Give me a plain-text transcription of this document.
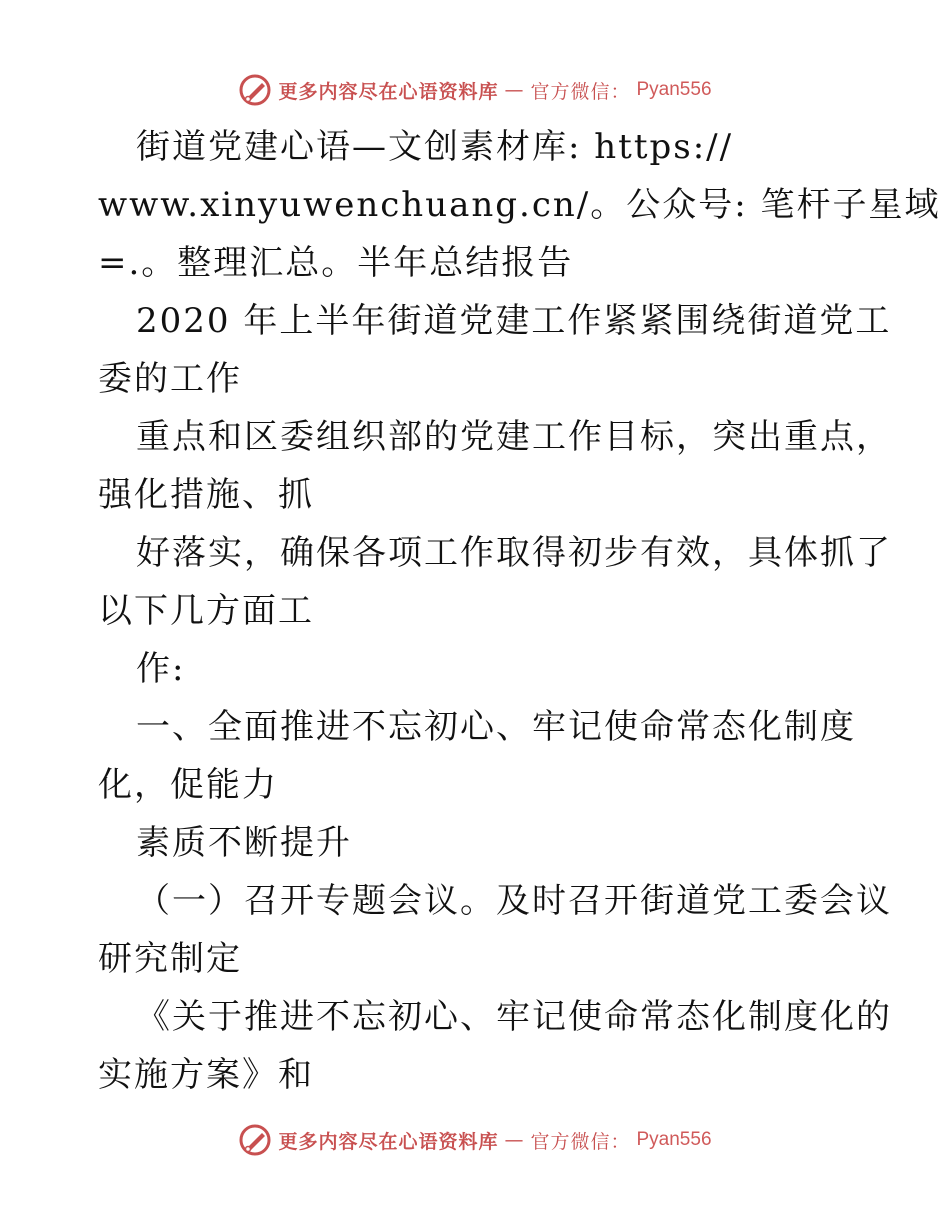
更多内容尽在心语资料库 — 官方微信： Pyan556
街道党建心语—文创素材库: https://
www.xinyuwenchuang.cn/。公众号: 笔杆子星域
=.。整理汇总。半年总结报告
2020 年上半年街道党建工作紧紧围绕街道党工
委的工作
重点和区委组织部的党建工作目标，突出重点，
强化措施、抓
好落实，确保各项工作取得初步有效，具体抓了
以下几方面工
作:
一、全面推进不忘初心、牢记使命常态化制度
化，促能力
素质不断提升
（一）召开专题会议。及时召开街道党工委会议
研究制定
《关于推进不忘初心、牢记使命常态化制度化的
实施方案》和
更多内容尽在心语资料库 — 官方微信： Pyan556
